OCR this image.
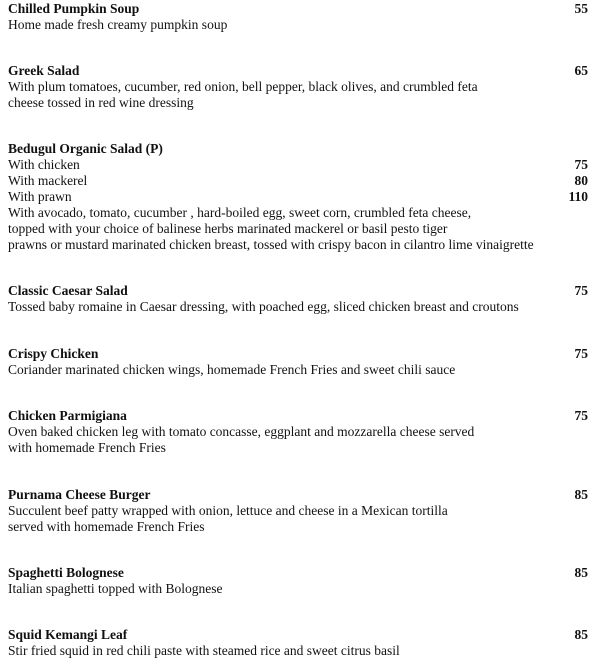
Chilled Pumpkin Soup	55
Home made fresh creamy pumpkin soup
Greek Salad	65
With plum tomatoes, cucumber, red onion, bell pepper, black olives, and crumbled feta
cheese tossed in red wine dressing
Bedugul Organic Salad (P)
With chicken	75
With mackerel	80
With prawn	110
With avocado, tomato, cucumber , hard-boiled egg, sweet corn, crumbled feta cheese,
topped with your choice of balinese herbs marinated mackerel or basil pesto tiger
prawns or mustard marinated chicken breast, tossed with crispy bacon in cilantro lime vinaigrette
Classic Caesar Salad	75
Tossed baby romaine in Caesar dressing, with poached egg, sliced chicken breast and croutons
Crispy Chicken	75
Coriander marinated chicken wings, homemade French Fries and sweet chili sauce
Chicken Parmigiana	75
Oven baked chicken leg with tomato concasse, eggplant and mozzarella cheese served
with homemade French Fries
Purnama Cheese Burger	85
Succulent beef patty wrapped with onion, lettuce and cheese in a Mexican tortilla
served with homemade French Fries
Spaghetti Bolognese	85
Italian spaghetti topped with Bolognese
Squid Kemangi Leaf	85
Stir fried squid in red chili paste with steamed rice and sweet citrus basil
